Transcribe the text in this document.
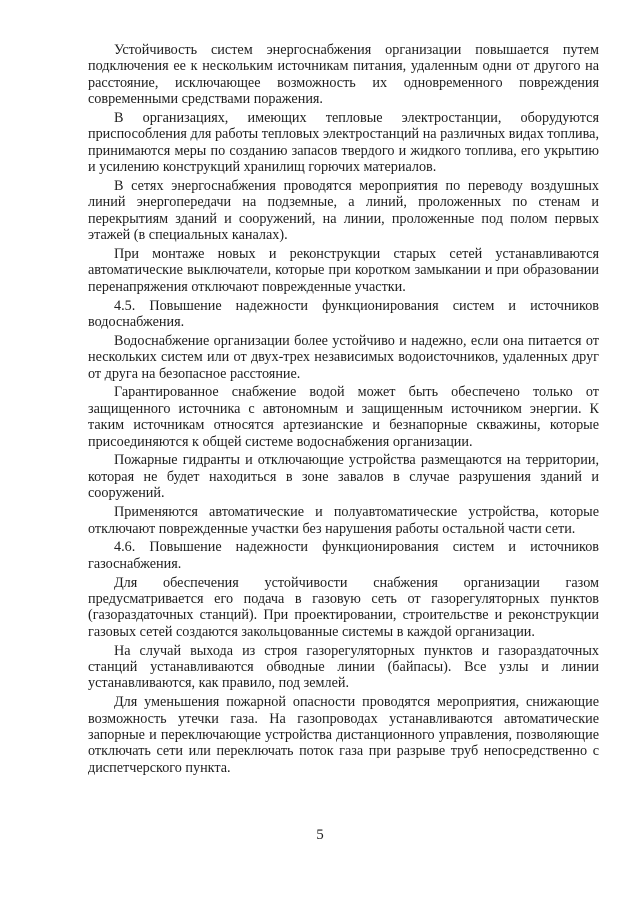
Устойчивость систем энергоснабжения организации повышается путем подключения ее к нескольким источникам питания, удаленным одни от другого на расстояние, исключающее возможность их одновременного повреждения современными средствами поражения.

В организациях, имеющих тепловые электростанции, оборудуются приспособления для работы тепловых электростанций на различных видах топлива, принимаются меры по созданию запасов твердого и жидкого топлива, его укрытию и усилению конструкций хранилищ горючих материалов.

В сетях энергоснабжения проводятся мероприятия по переводу воздушных линий энергопередачи на подземные, а линий, проложенных по стенам и перекрытиям зданий и сооружений, на линии, проложенные под полом первых этажей (в специальных каналах).

При монтаже новых и реконструкции старых сетей устанавливаются автоматические выключатели, которые при коротком замыкании и при образовании перенапряжения отключают поврежденные участки.

4.5. Повышение надежности функционирования систем и источников водоснабжения.

Водоснабжение организации более устойчиво и надежно, если она питается от нескольких систем или от двух-трех независимых водоисточников, удаленных друг от друга на безопасное расстояние.

Гарантированное снабжение водой может быть обеспечено только от защищенного источника с автономным и защищенным источником энергии. К таким источникам относятся артезианские и безнапорные скважины, которые присоединяются к общей системе водоснабжения организации.

Пожарные гидранты и отключающие устройства размещаются на территории, которая не будет находиться в зоне завалов в случае разрушения зданий и сооружений.

Применяются автоматические и полуавтоматические устройства, которые отключают поврежденные участки без нарушения работы остальной части сети.

4.6. Повышение надежности функционирования систем и источников газоснабжения.

Для обеспечения устойчивости снабжения организации газом предусматривается его подача в газовую сеть от газорегуляторных пунктов (газораздаточных станций). При проектировании, строительстве и реконструкции газовых сетей создаются закольцованные системы в каждой организации.

На случай выхода из строя газорегуляторных пунктов и газораздаточных станций устанавливаются обводные линии (байпасы). Все узлы и линии устанавливаются, как правило, под землей.

Для уменьшения пожарной опасности проводятся мероприятия, снижающие возможность утечки газа. На газопроводах устанавливаются автоматические запорные и переключающие устройства дистанционного управления, позволяющие отключать сети или переключать поток газа при разрыве труб непосредственно с диспетчерского пункта.

5
